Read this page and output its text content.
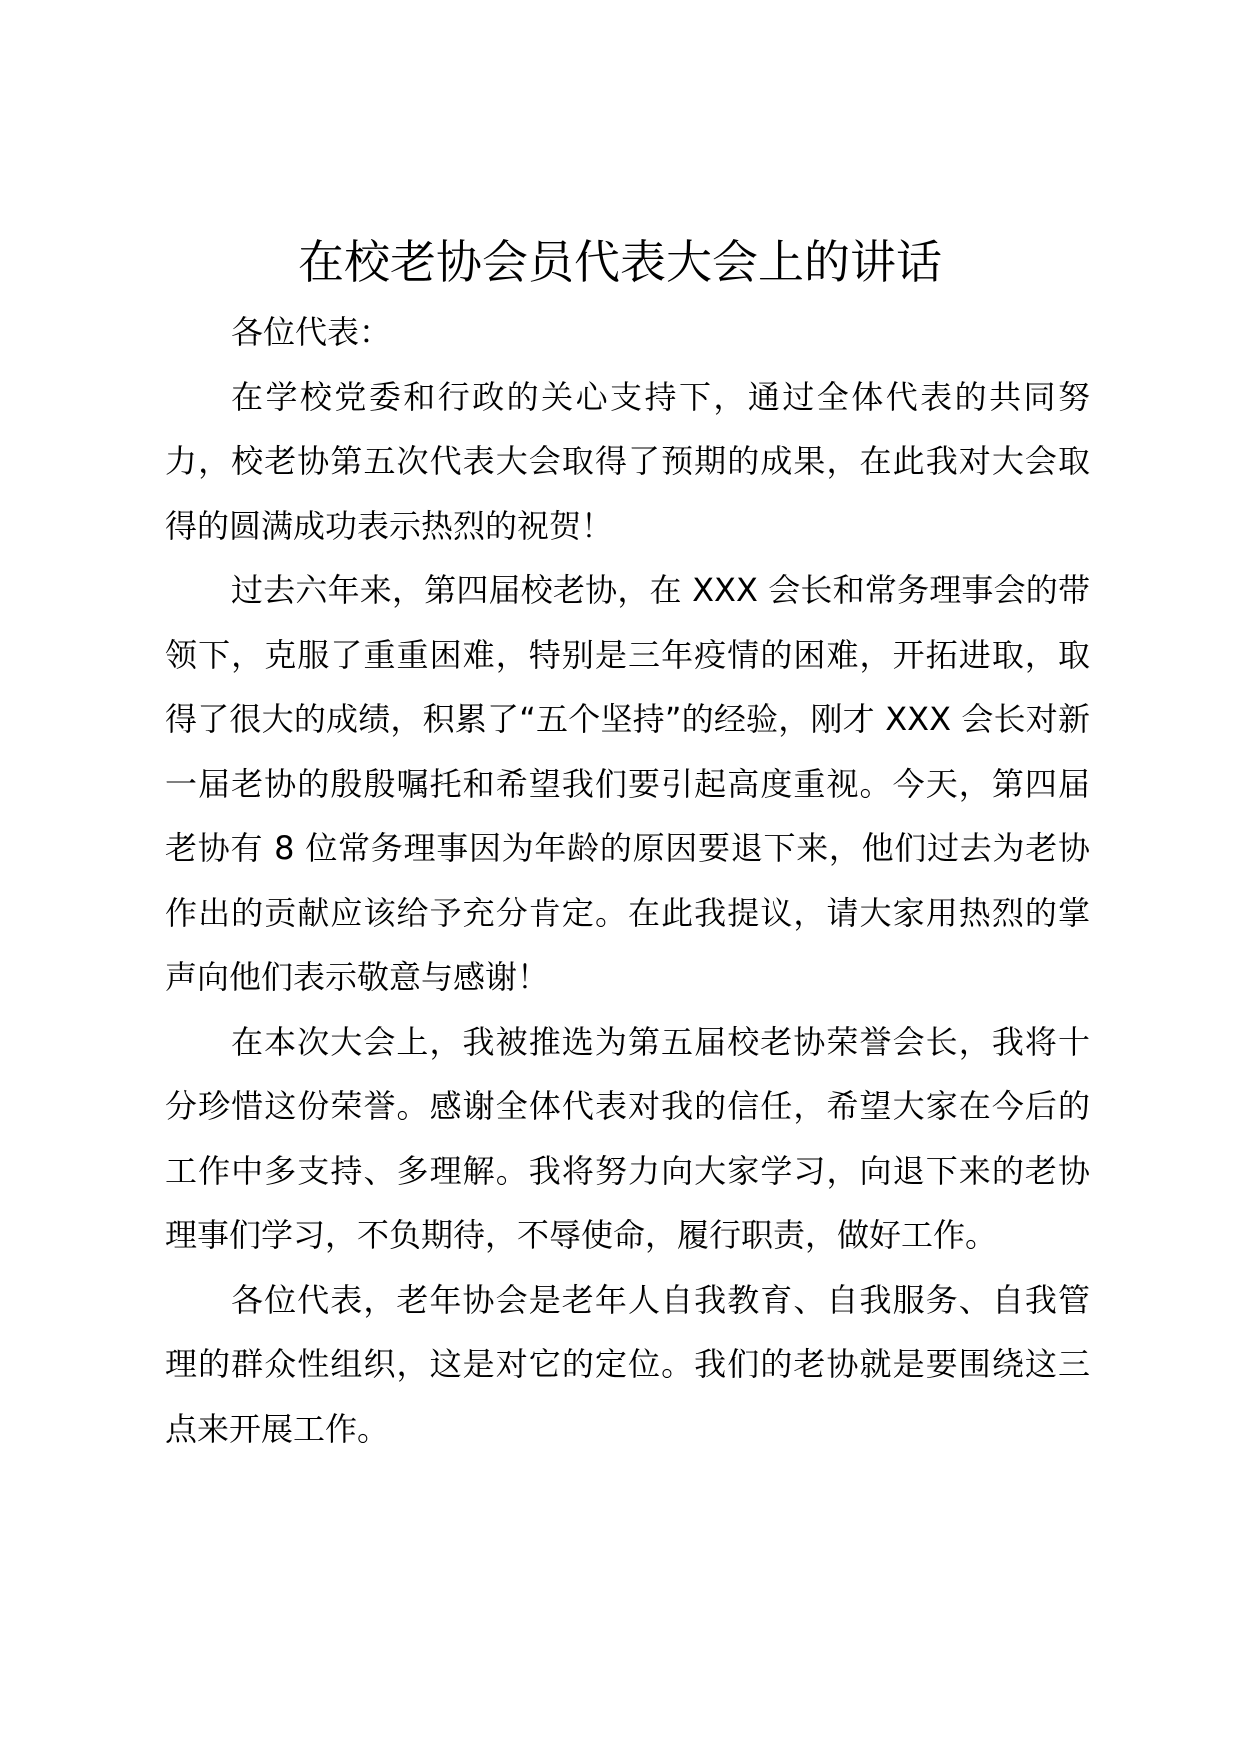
在校老协会员代表大会上的讲话

各位代表：

在学校党委和行政的关心支持下，通过全体代表的共同努力，校老协第五次代表大会取得了预期的成果，在此我对大会取得的圆满成功表示热烈的祝贺！

过去六年来，第四届校老协，在 XXX 会长和常务理事会的带领下，克服了重重困难，特别是三年疫情的困难，开拓进取，取得了很大的成绩，积累了“五个坚持”的经验，刚才 XXX 会长对新一届老协的殷殷嘱托和希望我们要引起高度重视。今天，第四届老协有 8 位常务理事因为年龄的原因要退下来，他们过去为老协作出的贡献应该给予充分肯定。在此我提议，请大家用热烈的掌声向他们表示敬意与感谢！

在本次大会上，我被推选为第五届校老协荣誉会长，我将十分珍惜这份荣誉。感谢全体代表对我的信任，希望大家在今后的工作中多支持、多理解。我将努力向大家学习，向退下来的老协理事们学习，不负期待，不辱使命，履行职责，做好工作。

各位代表，老年协会是老年人自我教育、自我服务、自我管理的群众性组织，这是对它的定位。我们的老协就是要围绕这三点来开展工作。
